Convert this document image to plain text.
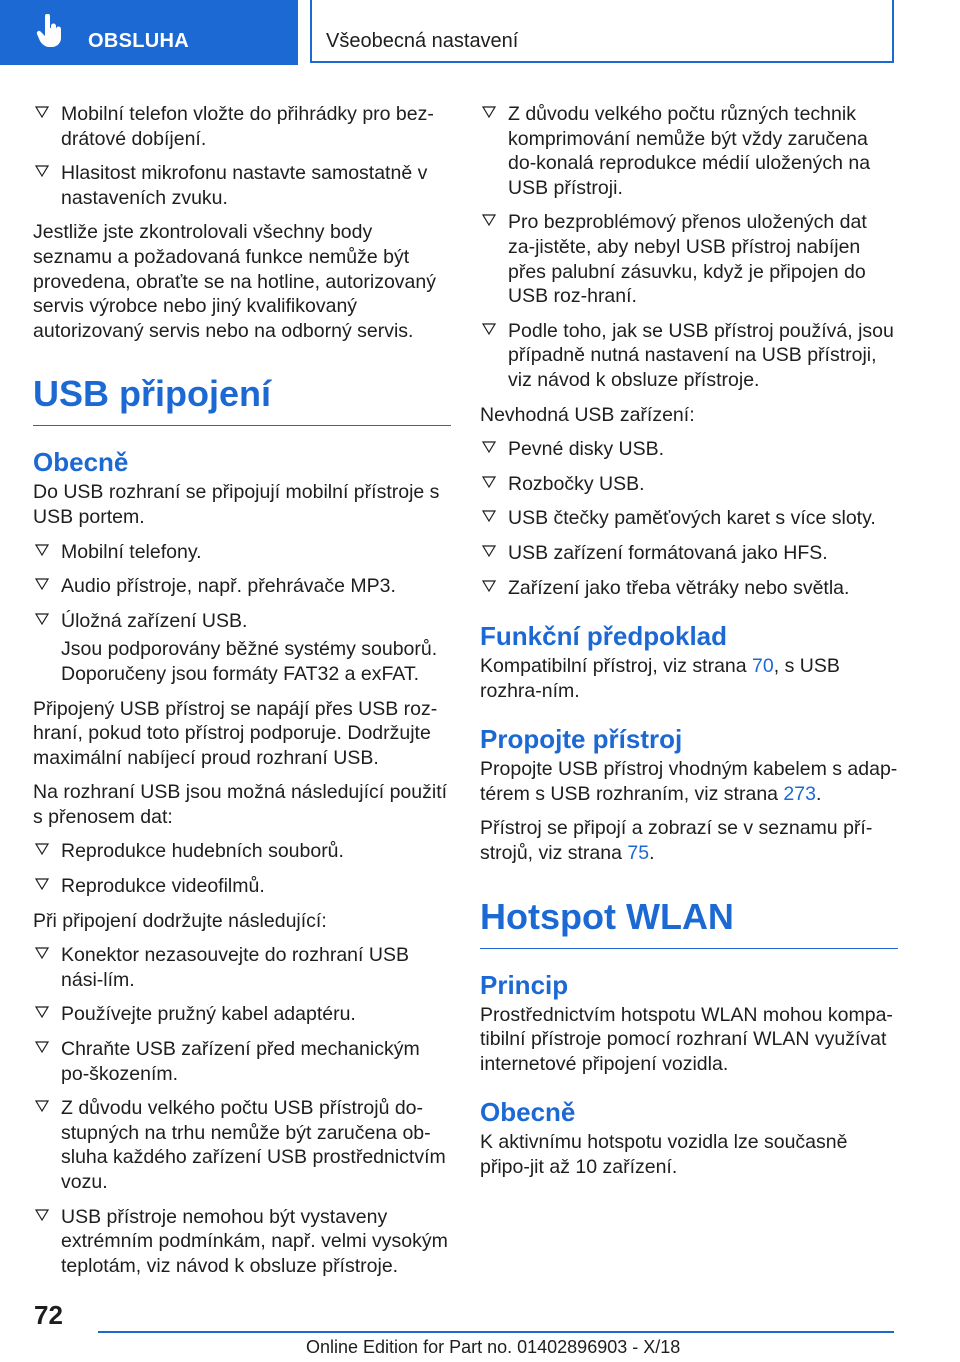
OBSLUHA	Všeobecná nastavení
Mobilní telefon vložte do přihrádky pro bez‐drátové dobíjení.
Hlasitost mikrofonu nastavte samostatně v nastaveních zvuku.

Jestliže jste zkontrolovali všechny body seznamu a požadovaná funkce nemůže být provedena, obraťte se na hotline, autorizovaný servis výrobce nebo jiný kvalifikovaný autorizovaný servis nebo na odborný servis.

USB připojení
Obecně

Do USB rozhraní se připojují mobilní přístroje s USB portem.

Mobilní telefony.
Audio přístroje, např. přehrávače MP3.
Úložná zařízení USB.
Jsou podporovány běžné systémy souborů. Doporučeny jsou formáty FAT32 a exFAT.

Připojený USB přístroj se napájí přes USB roz‐hraní, pokud toto přístroj podporuje. Dodržujte maximální nabíjecí proud rozhraní USB.

Na rozhraní USB jsou možná následující použití s přenosem dat:

Reprodukce hudebních souborů.
Reprodukce videofilmů.

Při připojení dodržujte následující:

Konektor nezasouvejte do rozhraní USB nási‐lím.
Používejte pružný kabel adaptéru.
Chraňte USB zařízení před mechanickým po‐škozením.
Z důvodu velkého počtu USB přístrojů do‐stupných na trhu nemůže být zaručena ob‐sluha každého zařízení USB prostřednictvím vozu.
USB přístroje nemohou být vystaveny extrémním podmínkám, např. velmi vysokým teplotám, viz návod k obsluze přístroje.
Z důvodu velkého počtu různých technik komprimování nemůže být vždy zaručena do‐konalá reprodukce médií uložených na USB přístroji.
Pro bezproblémový přenos uložených dat za‐jistěte, aby nebyl USB přístroj nabíjen přes palubní zásuvku, když je připojen do USB roz‐hraní.
Podle toho, jak se USB přístroj používá, jsou případně nutná nastavení na USB přístroji, viz návod k obsluze přístroje.

Nevhodná USB zařízení:

Pevné disky USB.
Rozbočky USB.
USB čtečky paměťových karet s více sloty.
USB zařízení formátovaná jako HFS.
Zařízení jako třeba větráky nebo světla.
Funkční předpoklad

Kompatibilní přístroj, viz strana 70, s USB rozhra‐ním.

Propojte přístroj

Propojte USB přístroj vhodným kabelem s adap‐térem s USB rozhraním, viz strana 273.

Přístroj se připojí a zobrazí se v seznamu pří‐strojů, viz strana 75.

Hotspot WLAN
Princip

Prostřednictvím hotspotu WLAN mohou kompa‐tibilní přístroje pomocí rozhraní WLAN využívat internetové připojení vozidla.

Obecně

K aktivnímu hotspotu vozidla lze současně připo‐jit až 10 zařízení.

72
Online Edition for Part no. 01402896903 - X/18
